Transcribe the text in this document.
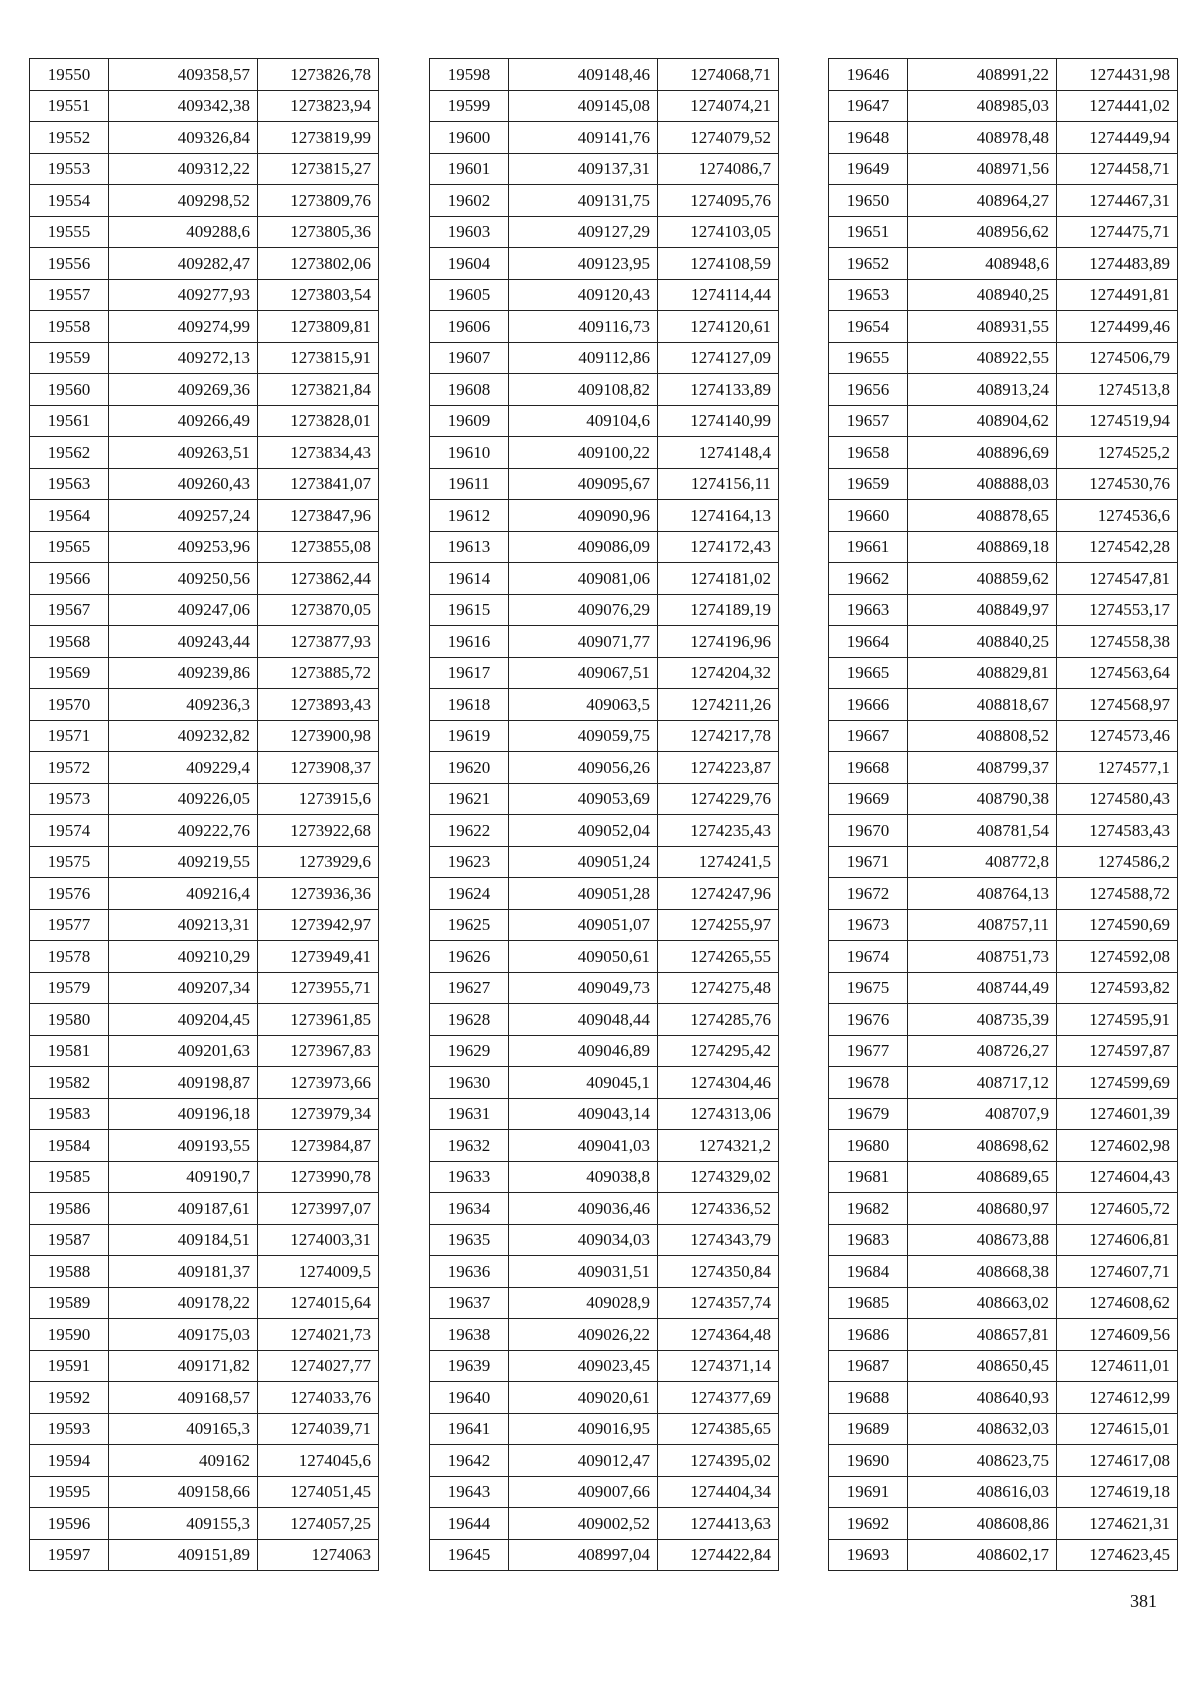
19550	409358,57	1273826,78
19551	409342,38	1273823,94
19552	409326,84	1273819,99
19553	409312,22	1273815,27
19554	409298,52	1273809,76
19555	409288,6	1273805,36
19556	409282,47	1273802,06
19557	409277,93	1273803,54
19558	409274,99	1273809,81
19559	409272,13	1273815,91
19560	409269,36	1273821,84
19561	409266,49	1273828,01
19562	409263,51	1273834,43
19563	409260,43	1273841,07
19564	409257,24	1273847,96
19565	409253,96	1273855,08
19566	409250,56	1273862,44
19567	409247,06	1273870,05
19568	409243,44	1273877,93
19569	409239,86	1273885,72
19570	409236,3	1273893,43
19571	409232,82	1273900,98
19572	409229,4	1273908,37
19573	409226,05	1273915,6
19574	409222,76	1273922,68
19575	409219,55	1273929,6
19576	409216,4	1273936,36
19577	409213,31	1273942,97
19578	409210,29	1273949,41
19579	409207,34	1273955,71
19580	409204,45	1273961,85
19581	409201,63	1273967,83
19582	409198,87	1273973,66
19583	409196,18	1273979,34
19584	409193,55	1273984,87
19585	409190,7	1273990,78
19586	409187,61	1273997,07
19587	409184,51	1274003,31
19588	409181,37	1274009,5
19589	409178,22	1274015,64
19590	409175,03	1274021,73
19591	409171,82	1274027,77
19592	409168,57	1274033,76
19593	409165,3	1274039,71
19594	409162	1274045,6
19595	409158,66	1274051,45
19596	409155,3	1274057,25
19597	409151,89	1274063
19598	409148,46	1274068,71
19599	409145,08	1274074,21
19600	409141,76	1274079,52
19601	409137,31	1274086,7
19602	409131,75	1274095,76
19603	409127,29	1274103,05
19604	409123,95	1274108,59
19605	409120,43	1274114,44
19606	409116,73	1274120,61
19607	409112,86	1274127,09
19608	409108,82	1274133,89
19609	409104,6	1274140,99
19610	409100,22	1274148,4
19611	409095,67	1274156,11
19612	409090,96	1274164,13
19613	409086,09	1274172,43
19614	409081,06	1274181,02
19615	409076,29	1274189,19
19616	409071,77	1274196,96
19617	409067,51	1274204,32
19618	409063,5	1274211,26
19619	409059,75	1274217,78
19620	409056,26	1274223,87
19621	409053,69	1274229,76
19622	409052,04	1274235,43
19623	409051,24	1274241,5
19624	409051,28	1274247,96
19625	409051,07	1274255,97
19626	409050,61	1274265,55
19627	409049,73	1274275,48
19628	409048,44	1274285,76
19629	409046,89	1274295,42
19630	409045,1	1274304,46
19631	409043,14	1274313,06
19632	409041,03	1274321,2
19633	409038,8	1274329,02
19634	409036,46	1274336,52
19635	409034,03	1274343,79
19636	409031,51	1274350,84
19637	409028,9	1274357,74
19638	409026,22	1274364,48
19639	409023,45	1274371,14
19640	409020,61	1274377,69
19641	409016,95	1274385,65
19642	409012,47	1274395,02
19643	409007,66	1274404,34
19644	409002,52	1274413,63
19645	408997,04	1274422,84
19646	408991,22	1274431,98
19647	408985,03	1274441,02
19648	408978,48	1274449,94
19649	408971,56	1274458,71
19650	408964,27	1274467,31
19651	408956,62	1274475,71
19652	408948,6	1274483,89
19653	408940,25	1274491,81
19654	408931,55	1274499,46
19655	408922,55	1274506,79
19656	408913,24	1274513,8
19657	408904,62	1274519,94
19658	408896,69	1274525,2
19659	408888,03	1274530,76
19660	408878,65	1274536,6
19661	408869,18	1274542,28
19662	408859,62	1274547,81
19663	408849,97	1274553,17
19664	408840,25	1274558,38
19665	408829,81	1274563,64
19666	408818,67	1274568,97
19667	408808,52	1274573,46
19668	408799,37	1274577,1
19669	408790,38	1274580,43
19670	408781,54	1274583,43
19671	408772,8	1274586,2
19672	408764,13	1274588,72
19673	408757,11	1274590,69
19674	408751,73	1274592,08
19675	408744,49	1274593,82
19676	408735,39	1274595,91
19677	408726,27	1274597,87
19678	408717,12	1274599,69
19679	408707,9	1274601,39
19680	408698,62	1274602,98
19681	408689,65	1274604,43
19682	408680,97	1274605,72
19683	408673,88	1274606,81
19684	408668,38	1274607,71
19685	408663,02	1274608,62
19686	408657,81	1274609,56
19687	408650,45	1274611,01
19688	408640,93	1274612,99
19689	408632,03	1274615,01
19690	408623,75	1274617,08
19691	408616,03	1274619,18
19692	408608,86	1274621,31
19693	408602,17	1274623,45
381
